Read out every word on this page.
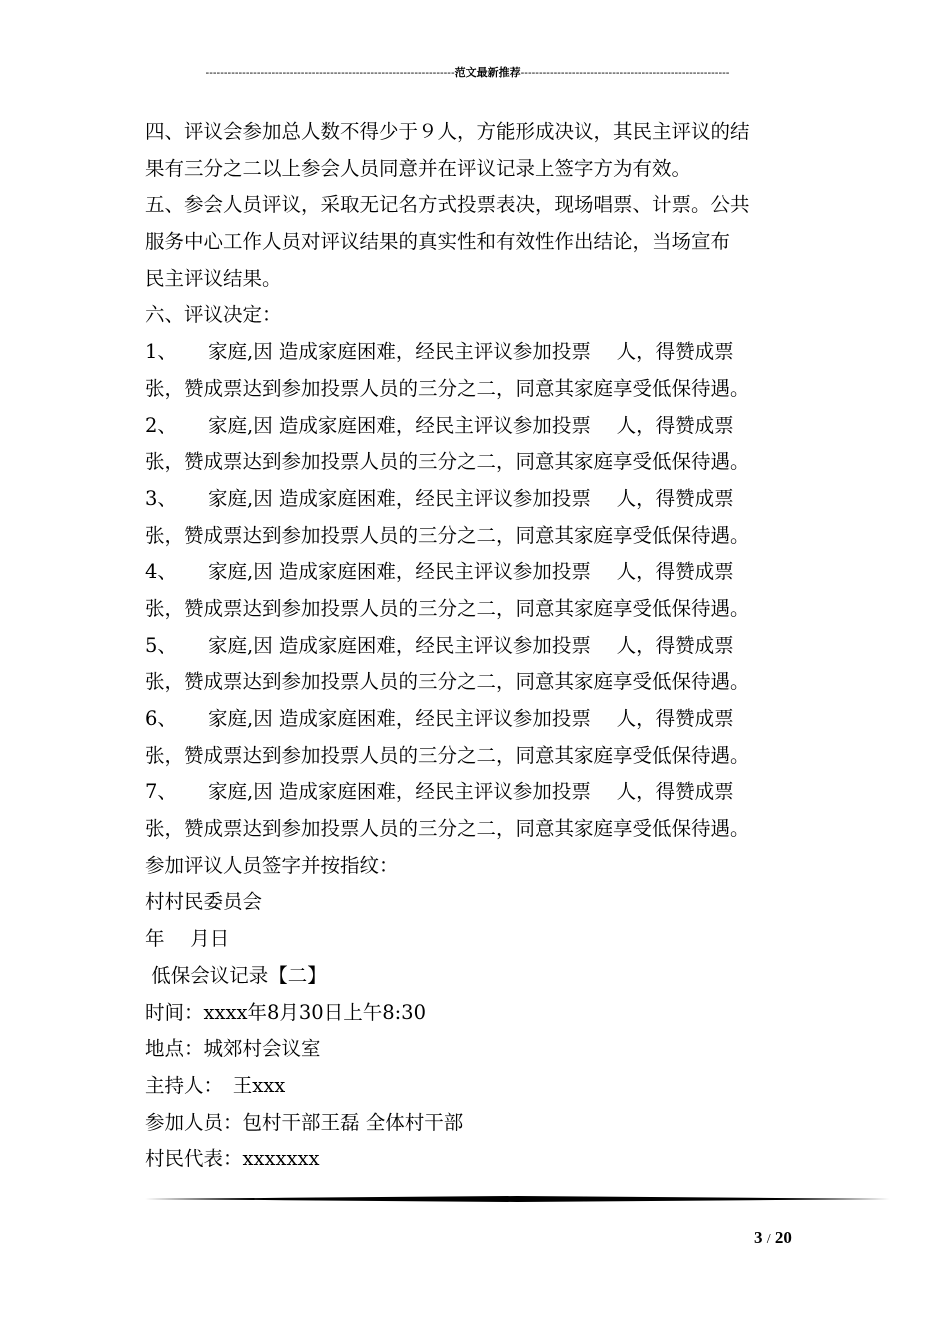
--------------------------------------------------------------------范文最新推荐---------------------------------------------------------
四、评议会参加总人数不得少于９人，方能形成决议，其民主评议的结
果有三分之二以上参会人员同意并在评议记录上签字方为有效。
五、参会人员评议，采取无记名方式投票表决，现场唱票、计票。公共
服务中心工作人员对评议结果的真实性和有效性作出结论，当场宣布
民主评议结果。
六、评议决定：
1、 家庭,因 造成家庭困难，经民主评议参加投票　 人，得赞成票
张，赞成票达到参加投票人员的三分之二，同意其家庭享受低保待遇。
2、 家庭,因 造成家庭困难，经民主评议参加投票　 人，得赞成票
张，赞成票达到参加投票人员的三分之二，同意其家庭享受低保待遇。
3、 家庭,因 造成家庭困难，经民主评议参加投票　 人，得赞成票
张，赞成票达到参加投票人员的三分之二，同意其家庭享受低保待遇。
4、 家庭,因 造成家庭困难，经民主评议参加投票　 人，得赞成票
张，赞成票达到参加投票人员的三分之二，同意其家庭享受低保待遇。
5、 家庭,因 造成家庭困难，经民主评议参加投票　 人，得赞成票
张，赞成票达到参加投票人员的三分之二，同意其家庭享受低保待遇。
6、 家庭,因 造成家庭困难，经民主评议参加投票　 人，得赞成票
张，赞成票达到参加投票人员的三分之二，同意其家庭享受低保待遇。
7、 家庭,因 造成家庭困难，经民主评议参加投票　 人，得赞成票
张，赞成票达到参加投票人员的三分之二，同意其家庭享受低保待遇。
参加评议人员签字并按指纹：
村村民委员会
年　 月日
低保会议记录【二】
时间：xxxx年8月30日上午8:30
地点：城郊村会议室
主持人：　王xxx
参加人员：包村干部王磊 全体村干部
村民代表：xxxxxxx
3 / 20
